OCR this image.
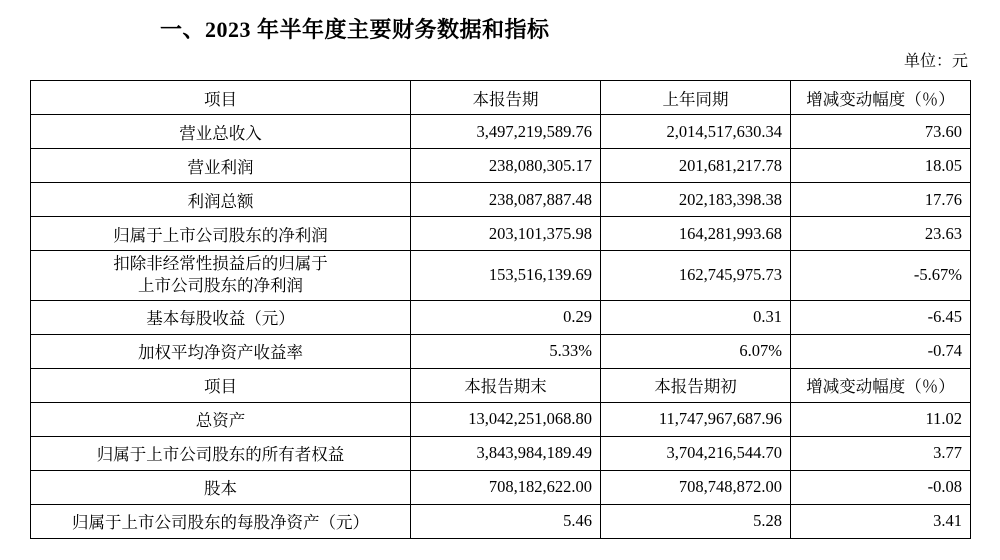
一、2023 年半年度主要财务数据和指标
单位：元
项目	本报告期	上年同期	增减变动幅度（％）
营业总收入	3,497,219,589.76	2,014,517,630.34	73.60
营业利润	238,080,305.17	201,681,217.78	18.05
利润总额	238,087,887.48	202,183,398.38	17.76
归属于上市公司股东的净利润	203,101,375.98	164,281,993.68	23.63

扣除非经常性损益后的归属于
上市公司股东的净利润	153,516,139.69	162,745,975.73	-5.67%
基本每股收益（元）	0.29	0.31	-6.45
加权平均净资产收益率	5.33%	6.07%	-0.74
项目	本报告期末	本报告期初	增减变动幅度（％）
总资产	13,042,251,068.80	11,747,967,687.96	11.02
归属于上市公司股东的所有者权益	3,843,984,189.49	3,704,216,544.70	3.77
股本	708,182,622.00	708,748,872.00	-0.08
归属于上市公司股东的每股净资产（元）	5.46	5.28	3.41
